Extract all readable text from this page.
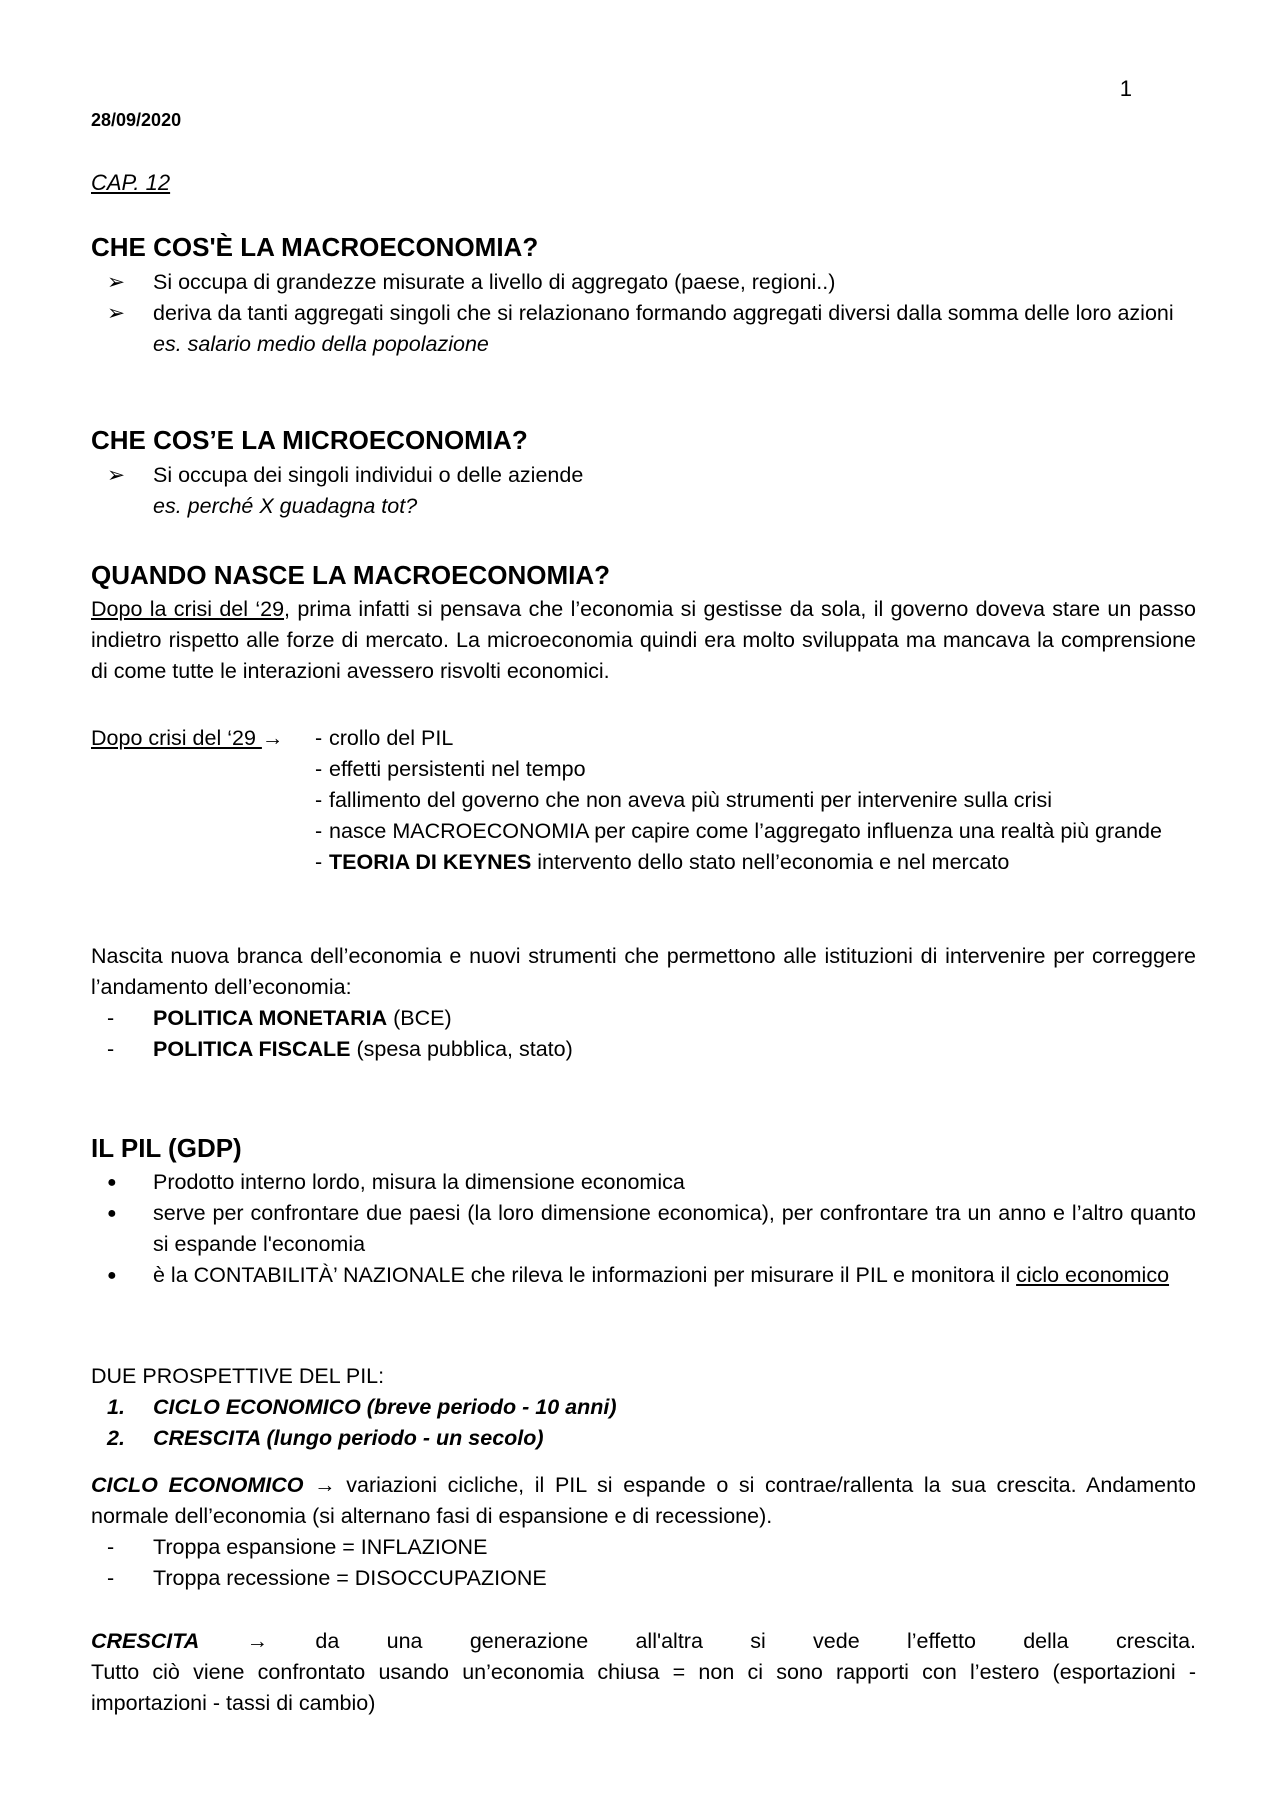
1
28/09/2020
CAP. 12
CHE COS'È LA MACROECONOMIA?
➢	Si occupa di grandezze misurate a livello di aggregato (paese, regioni..)
➢	deriva da tanti aggregati singoli che si relazionano formando aggregati diversi dalla somma delle loro azioni
es. salario medio della popolazione
CHE COS’E LA MICROECONOMIA?
➢	Si occupa dei singoli individui o delle aziende
es. perché X guadagna tot?
QUANDO NASCE LA MACROECONOMIA?
Dopo la crisi del ‘29, prima infatti si pensava che l’economia si gestisse da sola, il governo doveva stare un passo indietro rispetto alle forze di mercato. La microeconomia quindi era molto sviluppata ma mancava la comprensione di come tutte le interazioni avessero risvolti economici.
Dopo crisi del ‘29 → - crollo del PIL
- effetti persistenti nel tempo
- fallimento del governo che non aveva più strumenti per intervenire sulla crisi
- nasce MACROECONOMIA per capire come l’aggregato influenza una realtà più grande
- TEORIA DI KEYNES intervento dello stato nell’economia e nel mercato
Nascita nuova branca dell’economia e nuovi strumenti che permettono alle istituzioni di intervenire per correggere l’andamento dell’economia:
-	POLITICA MONETARIA (BCE)
-	POLITICA FISCALE (spesa pubblica, stato)
IL PIL (GDP)
●	Prodotto interno lordo, misura la dimensione economica
●	serve per confrontare due paesi (la loro dimensione economica), per confrontare tra un anno e l’altro quanto si espande l'economia
●	è la CONTABILITÀ’ NAZIONALE che rileva le informazioni per misurare il PIL e monitora il ciclo economico
DUE PROSPETTIVE DEL PIL:
1.	CICLO ECONOMICO (breve periodo - 10 anni)
2.	CRESCITA (lungo periodo - un secolo)
CICLO ECONOMICO → variazioni cicliche, il PIL si espande o si contrae/rallenta la sua crescita. Andamento normale dell’economia (si alternano fasi di espansione e di recessione).
-	Troppa espansione = INFLAZIONE
-	Troppa recessione = DISOCCUPAZIONE

CRESCITA → da una generazione all'altra si vede l’effetto della crescita.

Tutto ciò viene confrontato usando un’economia chiusa = non ci sono rapporti con l’estero (esportazioni - importazioni - tassi di cambio)
